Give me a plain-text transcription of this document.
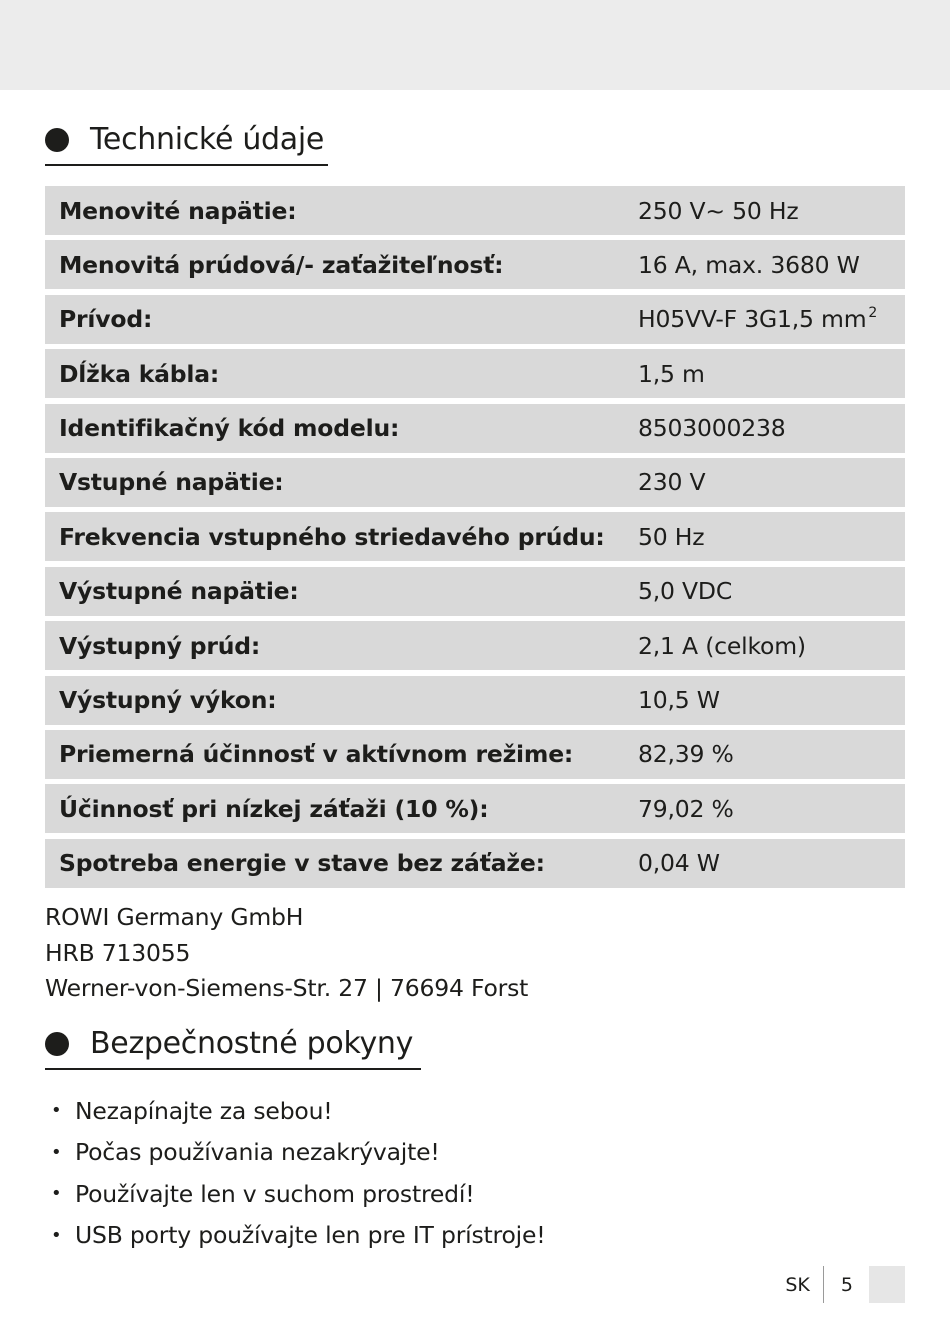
Technické údaje
Menovité napätie:	250 V~ 50 Hz
Menovitá prúdová/- zaťažiteľnosť:	16 A, max. 3680 W
Prívod:	H05VV-F 3G1,5 mm $^2$
Dĺžka kábla:	1,5 m
Identifikačný kód modelu:	8503000238
Vstupné napätie:	230 V
Frekvencia vstupného striedavého prúdu: 50 Hz
Výstupné napätie:	5,0 VDC
Výstupný prúd:	2,1 A (celkom)
Výstupný výkon:	10,5 W
Priemerná účinnosť v aktívnom režime:	82,39 %
Účinnosť pri nízkej záťaži (10 %):	79,02 %
Spotreba energie v stave bez záťaže:	0,04 W
ROWI Germany GmbH
HRB 713055
Werner-von-Siemens-Str. 27 | 76694 Forst
Bezpečnostné pokyny
• Nezapínajte za sebou!
• Počas používania nezakrývajte!
• Používajte len v suchom prostredí!
• USB porty používajte len pre IT prístroje!
SK	5
